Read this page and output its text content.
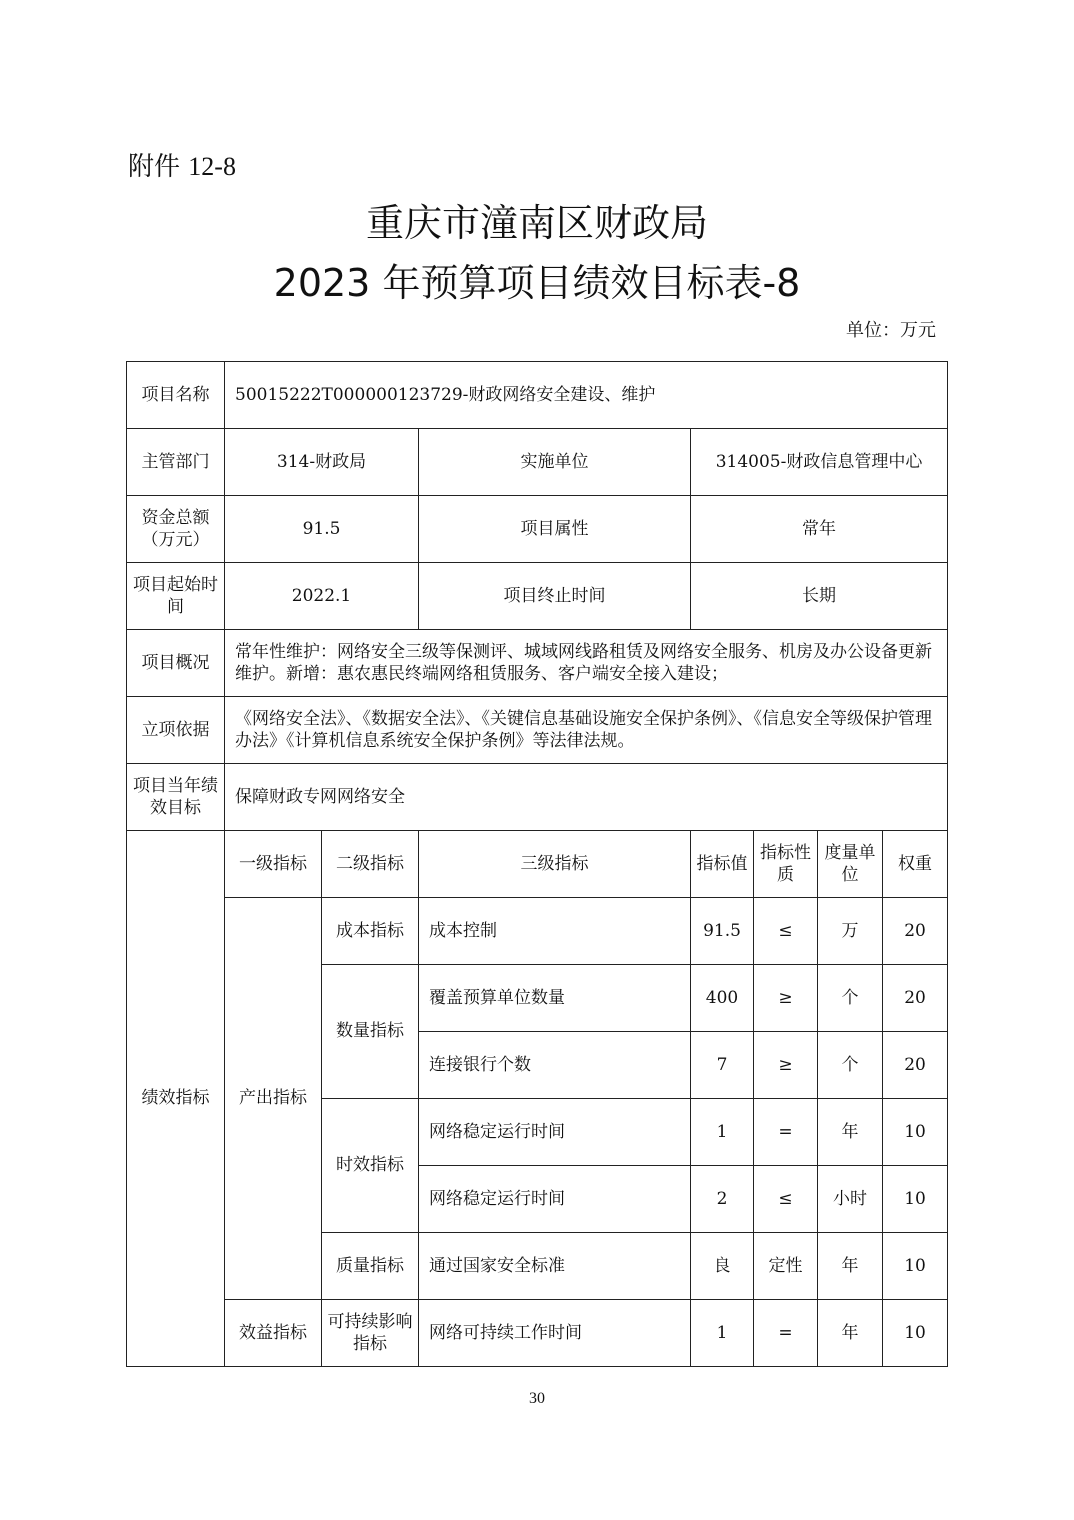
附件 12-8
重庆市潼南区财政局
2023 年预算项目绩效目标表-8
单位：万元
项目名称	50015222T000000123729-财政网络安全建设、维护						
主管部门	314-财政局		实施单位	314005-财政信息管理中心			
资金总额（万元）	91.5		项目属性	常年			
项目起始时间	2022.1		项目终止时间	长期			
项目概况	常年性维护：网络安全三级等保测评、城域网线路租赁及网络安全服务、机房及办公设备更新维护。新增：惠农惠民终端网络租赁服务、客户端安全接入建设；						
立项依据	《网络安全法》、《数据安全法》、《关键信息基础设施安全保护条例》、《信息安全等级保护管理办法》《计算机信息系统安全保护条例》等法律法规。						
项目当年绩效目标	保障财政专网网络安全						
绩效指标	一级指标	二级指标	三级指标	指标值	指标性质	度量单位	权重
	产出指标	成本指标	成本控制	91.5	≤	万	20
		数量指标	覆盖预算单位数量	400	≥	个	20
			连接银行个数	7	≥	个	20
		时效指标	网络稳定运行时间	1	=	年	10
			网络稳定运行时间	2	≤	小时	10
		质量指标	通过国家安全标准	良	定性	年	10
	效益指标	可持续影响指标	网络可持续工作时间	1	=	年	10
30
